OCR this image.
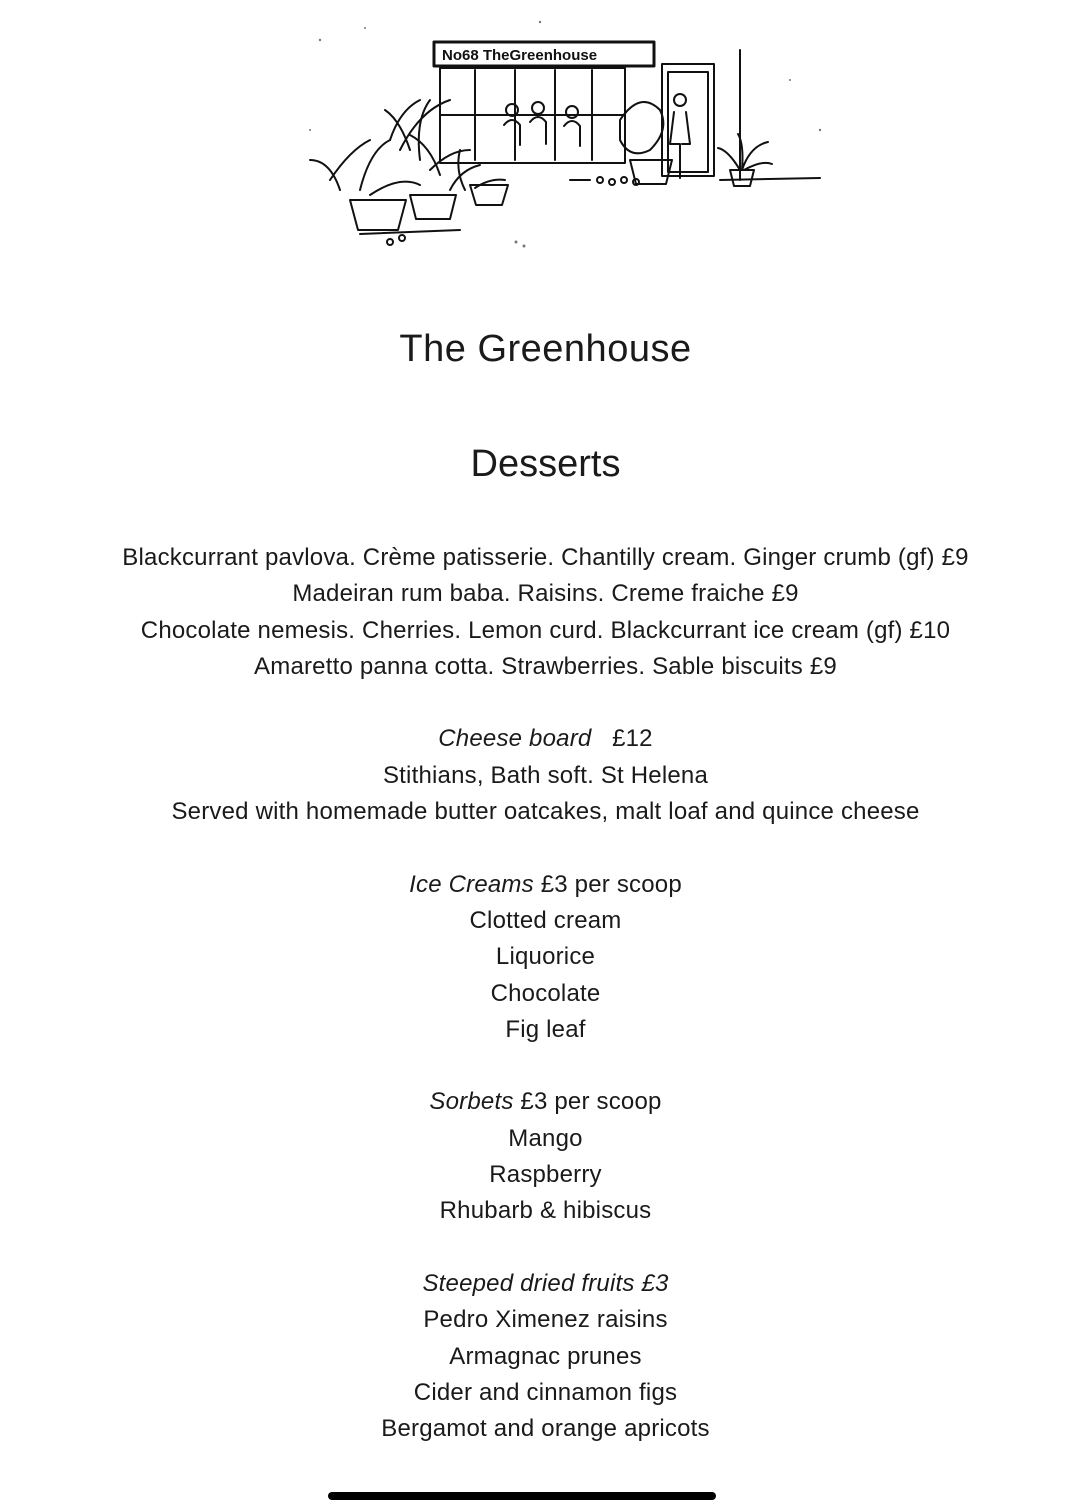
No68 TheGreenhouse
The Greenhouse
Desserts
Blackcurrant pavlova. Crème patisserie. Chantilly cream. Ginger crumb (gf) £9
Madeiran rum baba. Raisins. Creme fraiche £9
Chocolate nemesis. Cherries. Lemon curd. Blackcurrant ice cream (gf) £10
Amaretto panna cotta. Strawberries. Sable biscuits £9
Cheese board £12
Stithians, Bath soft. St Helena
Served with homemade butter oatcakes, malt loaf and quince cheese
Ice Creams £3 per scoop
Clotted cream
Liquorice
Chocolate
Fig leaf
Sorbets £3 per scoop
Mango
Raspberry
Rhubarb & hibiscus
Steeped dried fruits £3
Pedro Ximenez raisins
Armagnac prunes
Cider and cinnamon figs
Bergamot and orange apricots
